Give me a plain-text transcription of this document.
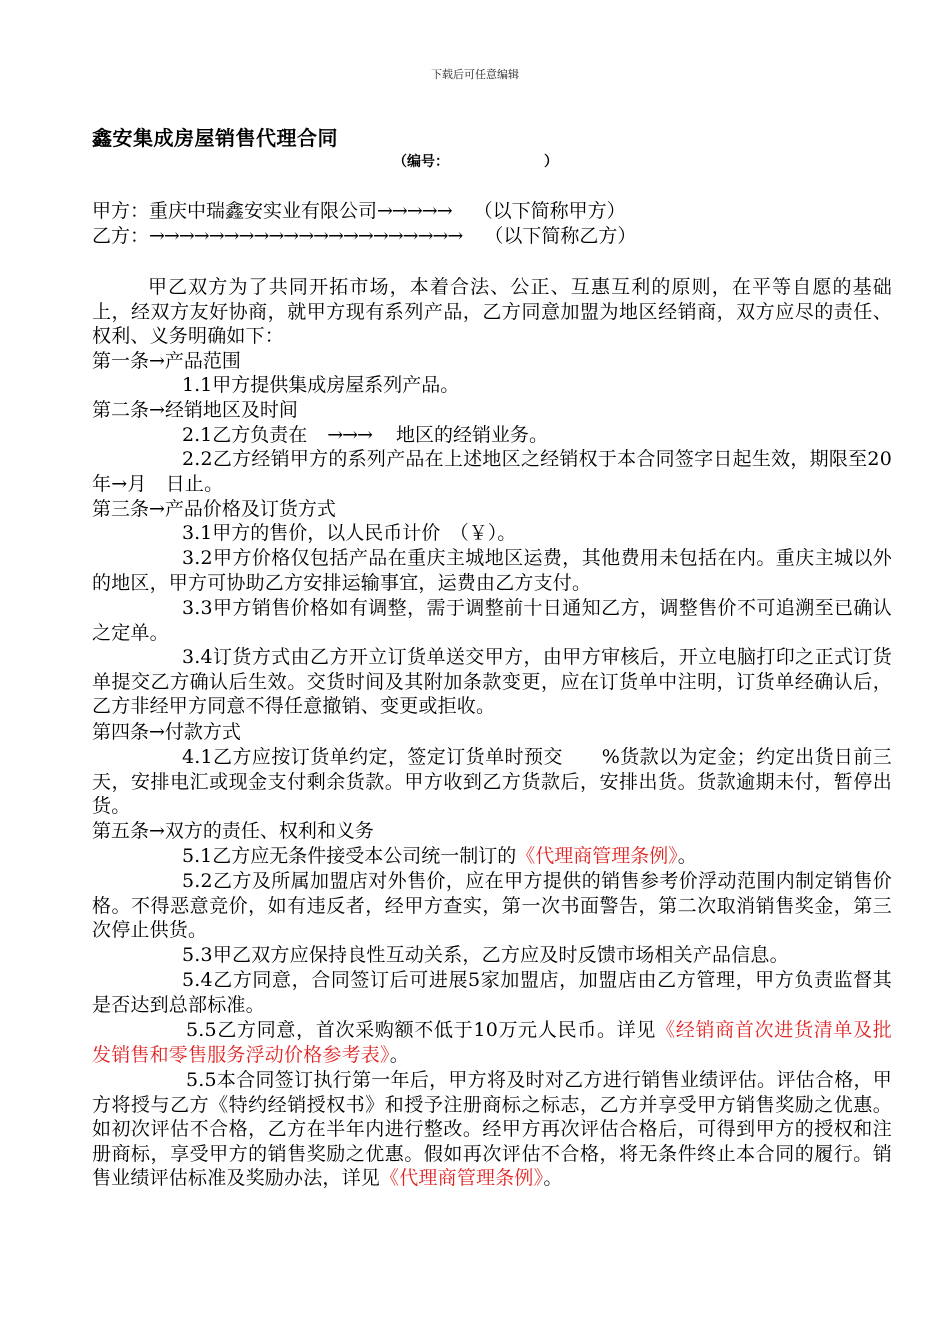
下载后可任意编辑
鑫安集成房屋销售代理合同
（编号：	）
甲方：重庆中瑞鑫安实业有限公司→→→→→ （以下简称甲方）
乙方：→→→→→→→→→→→→→→→→→→→→→ （以下简称乙方）
甲乙双方为了共同开拓市场，本着合法、公正、互惠互利的原则，在平等自愿的基础上，经双方友好协商，就甲方现有系列产品，乙方同意加盟为地区经销商，双方应尽的责任、权利、义务明确如下：
第一条→产品范围
1.1甲方提供集成房屋系列产品。
第二条→经销地区及时间
2.1乙方负责在 →→→ 地区的经销业务。
2.2乙方经销甲方的系列产品在上述地区之经销权于本合同签字日起生效，期限至20　年→月　日止。
第三条→产品价格及订货方式
3.1甲方的售价，以人民币计价　（￥）。
3.2甲方价格仅包括产品在重庆主城地区运费，其他费用未包括在内。重庆主城以外的地区，甲方可协助乙方安排运输事宜，运费由乙方支付。
3.3甲方销售价格如有调整，需于调整前十日通知乙方，调整售价不可追溯至已确认之定单。
3.4订货方式由乙方开立订货单送交甲方，由甲方审核后，开立电脑打印之正式订货单提交乙方确认后生效。交货时间及其附加条款变更，应在订货单中注明，订货单经确认后，乙方非经甲方同意不得任意撤销、变更或拒收。
第四条→付款方式
4.1乙方应按订货单约定，签定订货单时预交　　%货款以为定金；约定出货日前三天，安排电汇或现金支付剩余货款。甲方收到乙方货款后，安排出货。货款逾期未付，暂停出货。
第五条→双方的责任、权利和义务
5.1乙方应无条件接受本公司统一制订的《代理商管理条例》。
5.2乙方及所属加盟店对外售价，应在甲方提供的销售参考价浮动范围内制定销售价格。不得恶意竞价，如有违反者，经甲方查实，第一次书面警告，第二次取消销售奖金，第三次停止供货。
5.3甲乙双方应保持良性互动关系，乙方应及时反馈市场相关产品信息。
5.4乙方同意，合同签订后可进展5家加盟店，加盟店由乙方管理，甲方负责监督其是否达到总部标准。
5.5乙方同意，首次采购额不低于10万元人民币。详见《经销商首次进货清单及批发销售和零售服务浮动价格参考表》。
5.5本合同签订执行第一年后，甲方将及时对乙方进行销售业绩评估。评估合格，甲方将授与乙方《特约经销授权书》和授予注册商标之标志，乙方并享受甲方销售奖励之优惠。如初次评估不合格，乙方在半年内进行整改。经甲方再次评估合格后，可得到甲方的授权和注册商标，享受甲方的销售奖励之优惠。假如再次评估不合格，将无条件终止本合同的履行。销售业绩评估标准及奖励办法，详见《代理商管理条例》。
